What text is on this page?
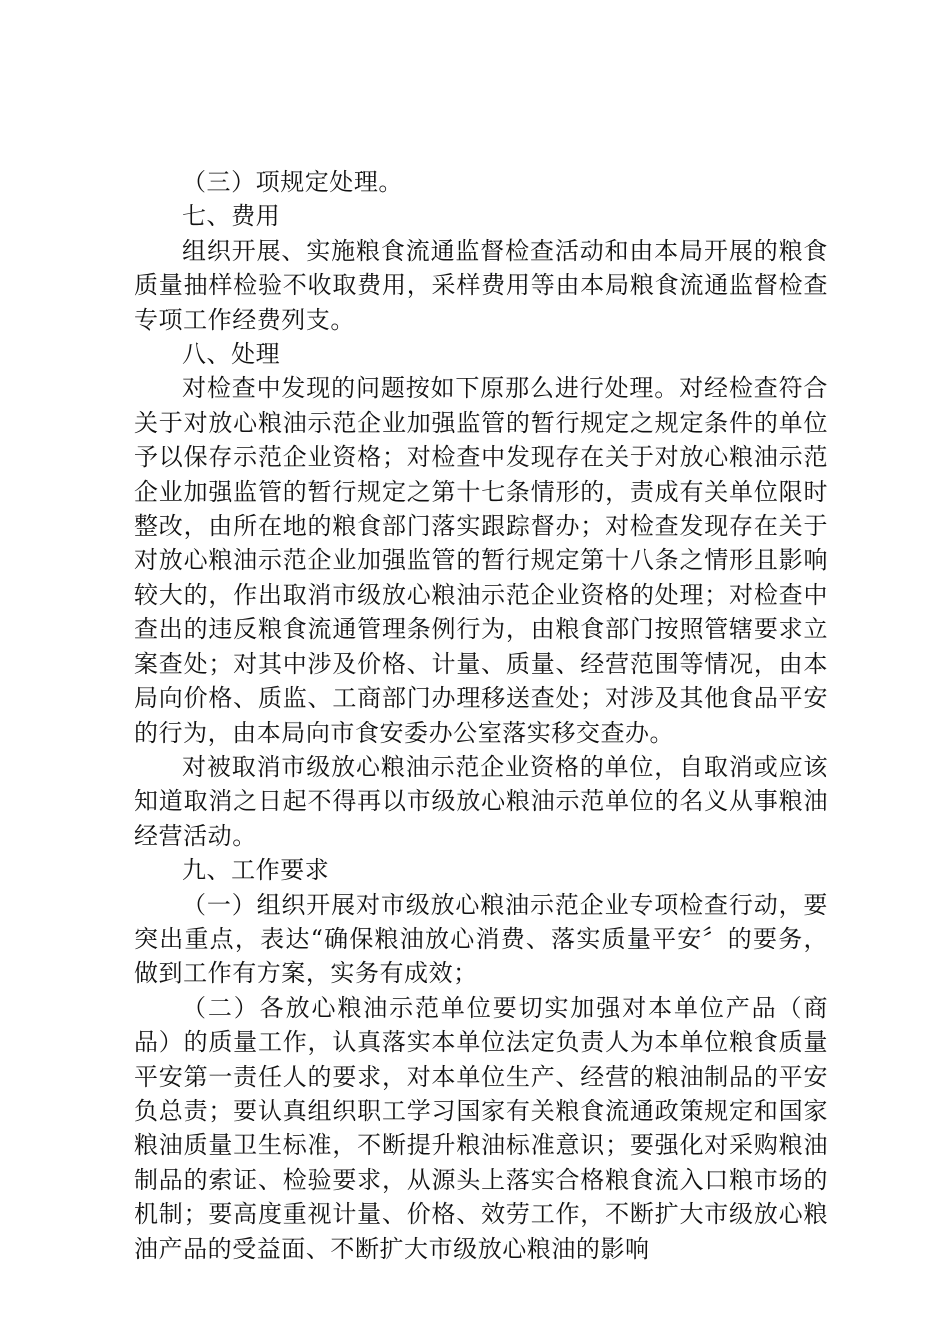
（三）项规定处理。

七、费用

组织开展、实施粮食流通监督检查活动和由本局开展的粮食质量抽样检验不收取费用，采样费用等由本局粮食流通监督检查专项工作经费列支。

八、处理

对检查中发现的问题按如下原那么进行处理。对经检查符合关于对放心粮油示范企业加强监管的暂行规定之规定条件的单位予以保存示范企业资格；对检查中发现存在关于对放心粮油示范企业加强监管的暂行规定之第十七条情形的，责成有关单位限时整改，由所在地的粮食部门落实跟踪督办；对检查发现存在关于对放心粮油示范企业加强监管的暂行规定第十八条之情形且影响较大的，作出取消市级放心粮油示范企业资格的处理；对检查中查出的违反粮食流通管理条例行为，由粮食部门按照管辖要求立案查处；对其中涉及价格、计量、质量、经营范围等情况，由本局向价格、质监、工商部门办理移送查处；对涉及其他食品平安的行为，由本局向市食安委办公室落实移交查办。

对被取消市级放心粮油示范企业资格的单位，自取消或应该知道取消之日起不得再以市级放心粮油示范单位的名义从事粮油经营活动。

九、工作要求

（一）组织开展对市级放心粮油示范企业专项检查行动，要突出重点，表达“确保粮油放心消费、落实质量平安〞的要务，做到工作有方案，实务有成效；

（二）各放心粮油示范单位要切实加强对本单位产品（商品）的质量工作，认真落实本单位法定负责人为本单位粮食质量平安第一责任人的要求，对本单位生产、经营的粮油制品的平安负总责；要认真组织职工学习国家有关粮食流通政策规定和国家粮油质量卫生标准，不断提升粮油标准意识；要强化对采购粮油制品的索证、检验要求，从源头上落实合格粮食流入口粮市场的机制；要高度重视计量、价格、效劳工作，不断扩大市级放心粮油产品的受益面、不断扩大市级放心粮油的影响
